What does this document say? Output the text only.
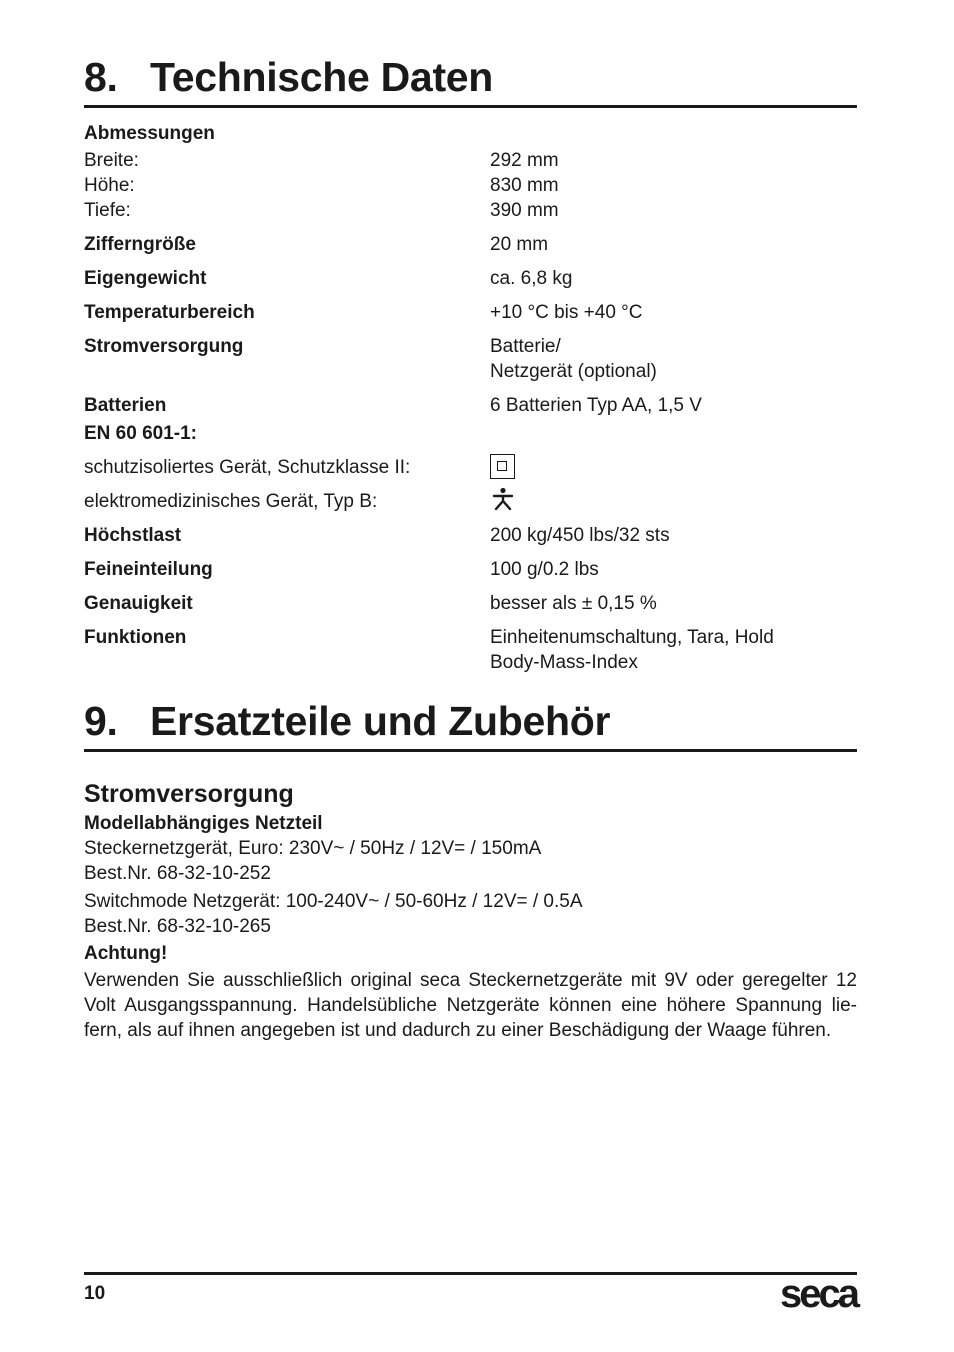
8. Technische Daten
Abmessungen
Breite:	292 mm
Höhe:	830 mm
Tiefe:	390 mm
Zifferngröße	20 mm
Eigengewicht	ca. 6,8 kg
Temperaturbereich	+10 °C bis +40 °C
Stromversorgung	Batterie/
Netzgerät (optional)
Batterien	6 Batterien Typ AA, 1,5 V
EN 60 601-1:
schutzisoliertes Gerät, Schutzklasse II:
elektromedizinisches Gerät, Typ B:
Höchstlast	200 kg/450 lbs/32 sts
Feineinteilung	100 g/0.2 lbs
Genauigkeit	besser als ± 0,15 %
Funktionen	Einheitenumschaltung, Tara, Hold
Body-Mass-Index
9. Ersatzteile und Zubehör
Stromversorgung
Modellabhängiges Netzteil
Steckernetzgerät, Euro: 230V~ / 50Hz / 12V= / 150mA
Best.Nr. 68-32-10-252
Switchmode Netzgerät: 100-240V~ / 50-60Hz / 12V= / 0.5A
Best.Nr. 68-32-10-265
Achtung!
Verwenden Sie ausschließlich original seca Steckernetzgeräte mit 9V oder geregelter 12
Volt Ausgangsspannung. Handelsübliche Netzgeräte können eine höhere Spannung lie-
fern, als auf ihnen angegeben ist und dadurch zu einer Beschädigung der Waage führen.
10	seca
